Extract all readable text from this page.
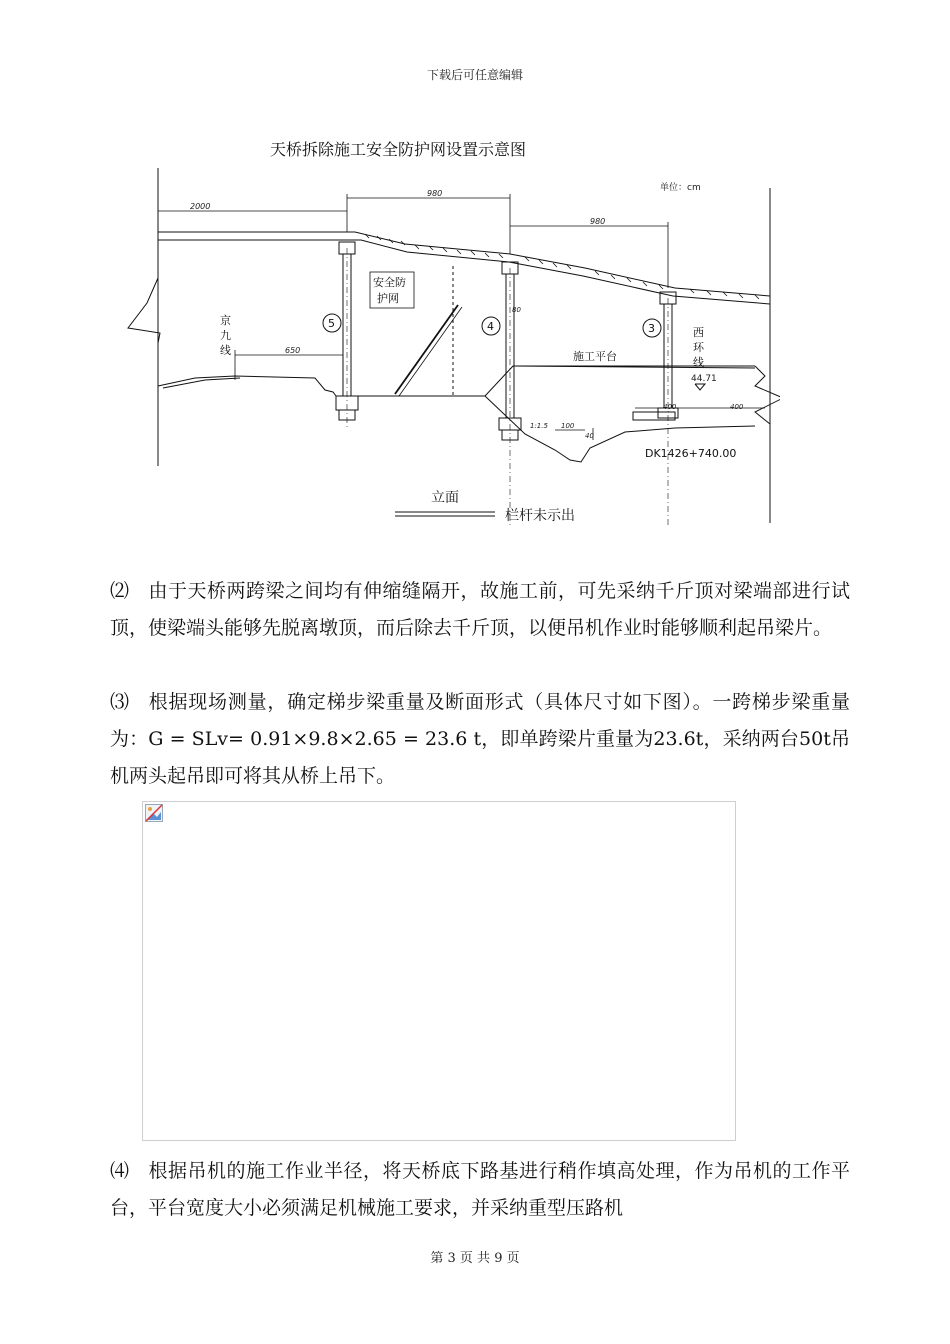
下载后可任意编辑
天桥拆除施工安全防护网设置示意图
单位：cm
2000
980
980
650
80
400	400
100
40
1:1.5
5	4	3
安全防
护网
京
九
线
西
环
线
施工平台
44.71
DK1426+740.00
立面
栏杆未示出
⑵ 由于天桥两跨梁之间均有伸缩缝隔开，故施工前，可先采纳千斤顶对梁端部进行试顶，使梁端头能够先脱离墩顶，而后除去千斤顶，以便吊机作业时能够顺利起吊梁片。
⑶ 根据现场测量，确定梯步梁重量及断面形式（具体尺寸如下图）。一跨梯步梁重量为：G = SLv= 0.91×9.8×2.65 = 23.6 t，即单跨梁片重量为23.6t，采纳两台50t吊机两头起吊即可将其从桥上吊下。
⑷ 根据吊机的施工作业半径，将天桥底下路基进行稍作填高处理，作为吊机的工作平台，平台宽度大小必须满足机械施工要求，并采纳重型压路机
第 3 页 共 9 页
